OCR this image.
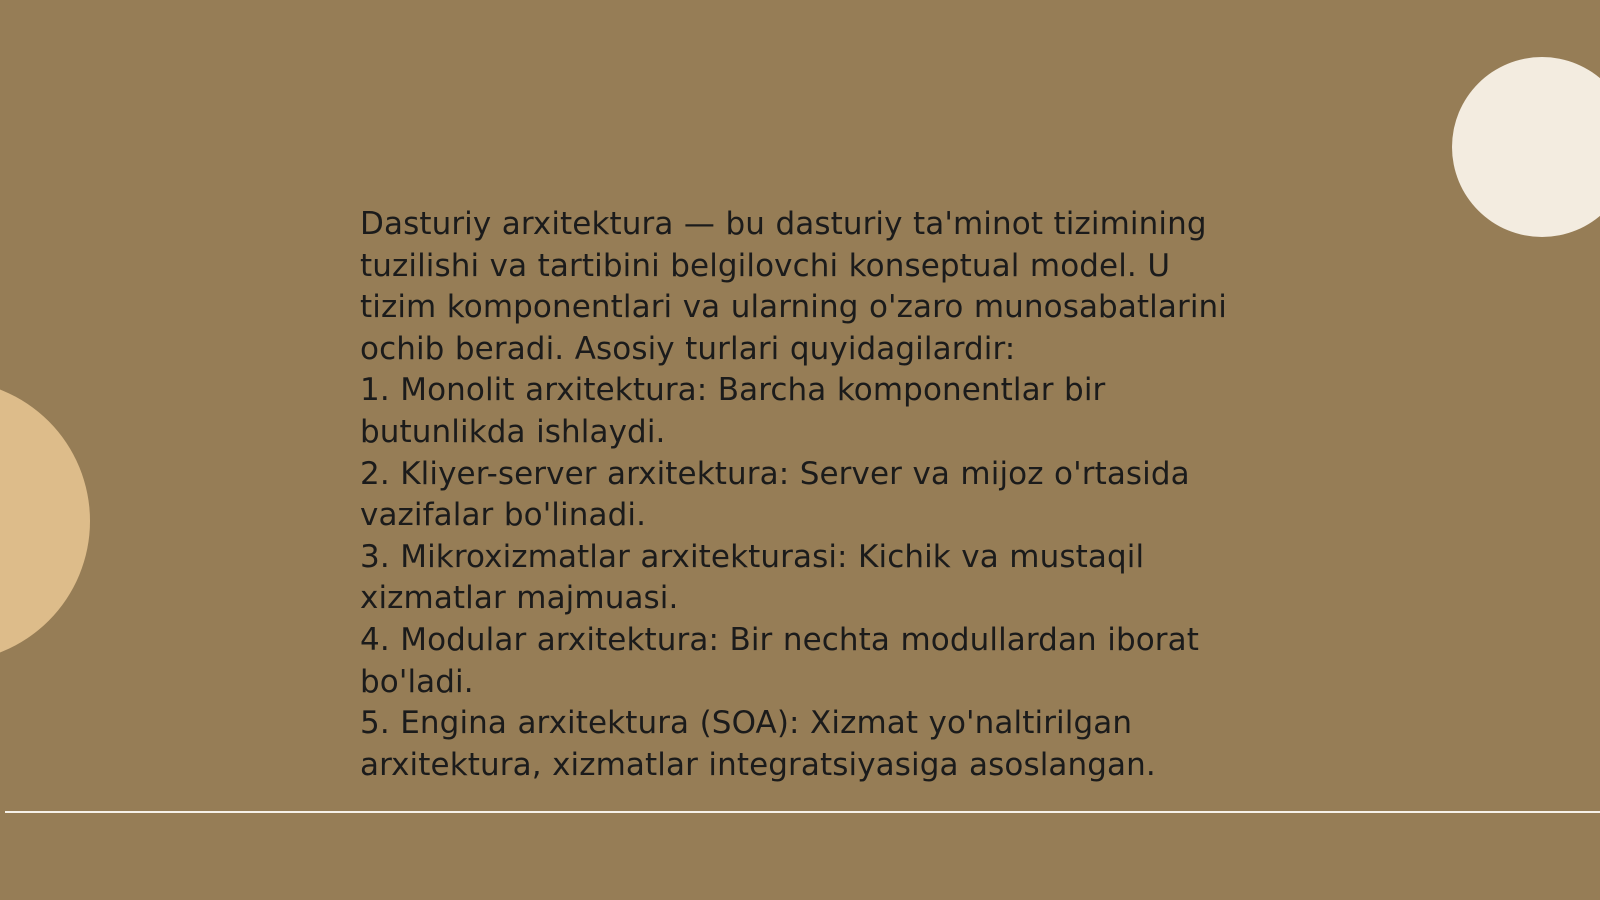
Dasturiy arxitektura — bu dasturiy ta'minot tizimining tuzilishi va tartibini belgilovchi konseptual model. U tizim komponentlari va ularning o'zaro munosabatlarini ochib beradi. Asosiy turlari quyidagilardir:

1. Monolit arxitektura: Barcha komponentlar bir butunlikda ishlaydi.

2. Kliyer-server arxitektura: Server va mijoz o'rtasida vazifalar bo'linadi.

3. Mikroxizmatlar arxitekturasi: Kichik va mustaqil xizmatlar majmuasi.

4. Modular arxitektura: Bir nechta modullardan iborat bo'ladi.

5. Engina arxitektura (SOA): Xizmat yo'naltirilgan arxitektura, xizmatlar integratsiyasiga asoslangan.
